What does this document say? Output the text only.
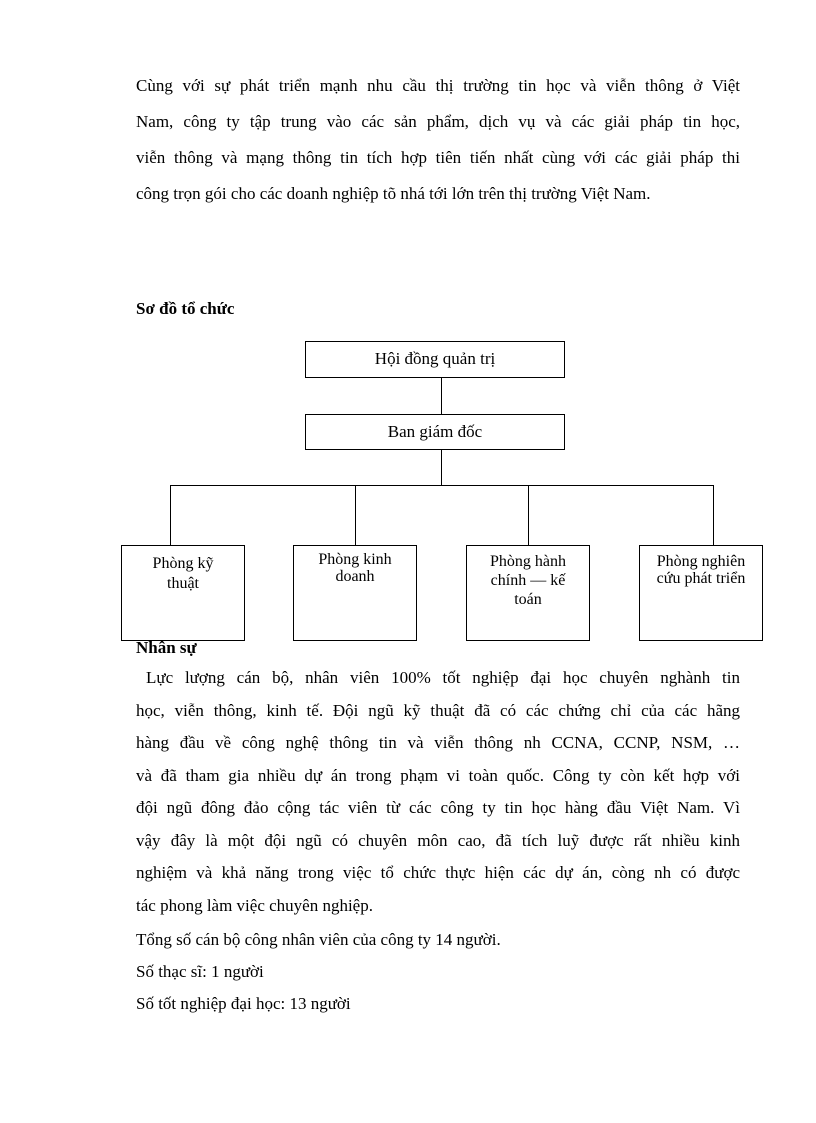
Cùng với sự phát triển mạnh nhu cầu thị trường tin học và viễn thông ở Việt
Nam, công ty tập trung vào các sản phẩm, dịch vụ và các giải pháp tin học,
viễn thông và mạng thông tin tích hợp tiên tiến nhất cùng với các giải pháp thi
công trọn gói cho các doanh nghiệp tõ nhá tới lớn trên thị trường Việt Nam.
Sơ đồ tổ chức
Hội đồng quản trị
Ban giám đốc
Phòng kỹ thuật
Phòng kinh doanh
Phòng hành chính — kế toán
Phòng nghiên cứu phát triển
Nhân sự
Lực lượng cán bộ, nhân viên 100% tốt nghiệp đại học chuyên nghành tin
học, viễn thông, kinh tế. Đội ngũ kỹ thuật đã có các chứng chỉ của các hãng
hàng đầu về công nghệ thông tin và viễn thông nh CCNA, CCNP, NSM, …
và đã tham gia nhiều dự án trong phạm vi toàn quốc. Công ty còn kết hợp với
đội ngũ đông đảo cộng tác viên từ các công ty tin học hàng đầu Việt Nam. Vì
vậy đây là một đội ngũ có chuyên môn cao, đã tích luỹ được rất nhiều kinh
nghiệm và khả năng trong việc tổ chức thực hiện các dự án, còng nh có được
tác phong làm việc chuyên nghiệp.
Tổng số cán bộ công nhân viên của công ty 14 người.
Số thạc sĩ: 1 người
Số tốt nghiệp đại học: 13 người
